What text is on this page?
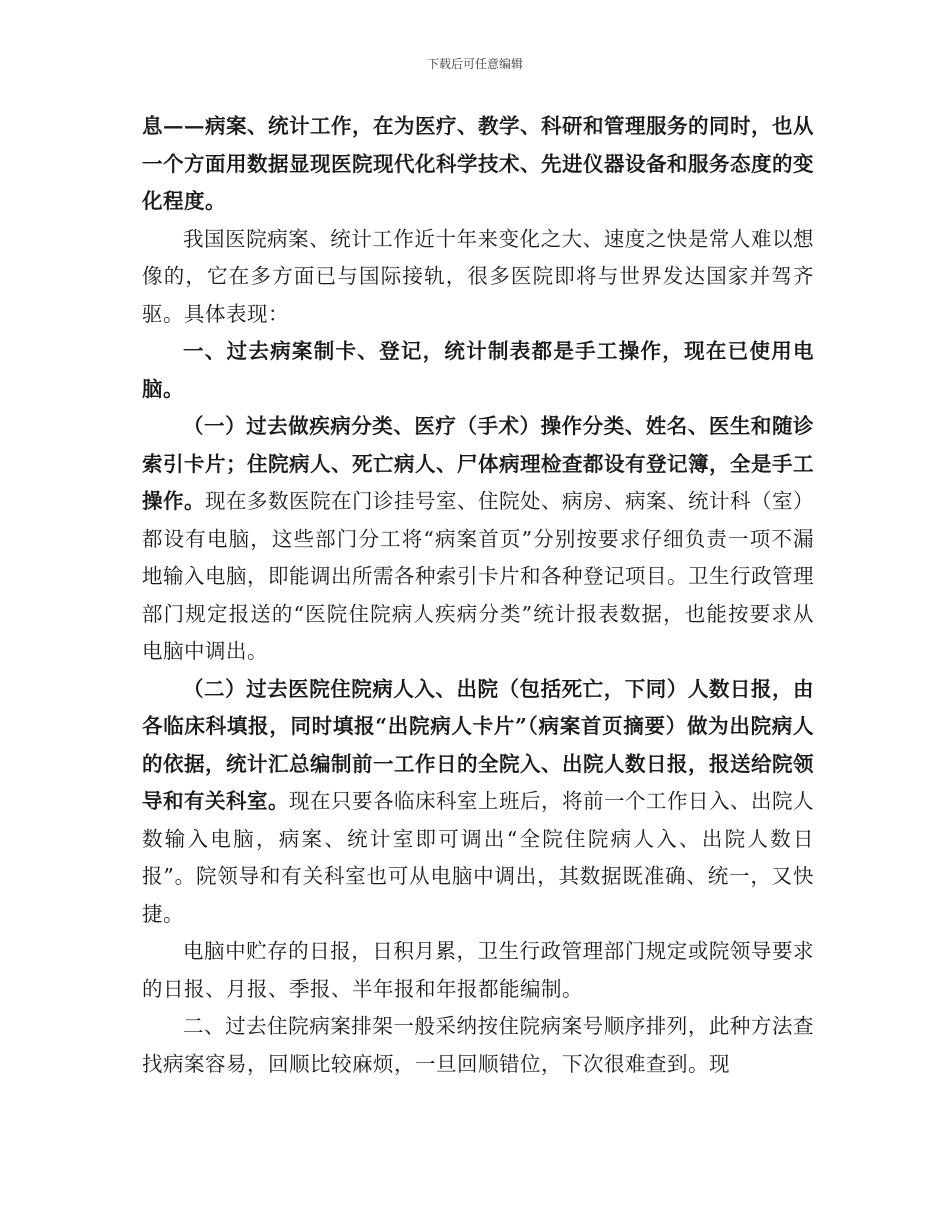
下载后可任意编辑

息——病案、统计工作，在为医疗、教学、科研和管理服务的同时，也从一个方面用数据显现医院现代化科学技术、先进仪器设备和服务态度的变化程度。

我国医院病案、统计工作近十年来变化之大、速度之快是常人难以想像的，它在多方面已与国际接轨，很多医院即将与世界发达国家并驾齐驱。具体表现：

一、过去病案制卡、登记，统计制表都是手工操作，现在已使用电脑。

（一）过去做疾病分类、医疗（手术）操作分类、姓名、医生和随诊索引卡片；住院病人、死亡病人、尸体病理检查都设有登记簿，全是手工操作。现在多数医院在门诊挂号室、住院处、病房、病案、统计科（室）都设有电脑，这些部门分工将“病案首页”分别按要求仔细负责一项不漏地输入电脑，即能调出所需各种索引卡片和各种登记项目。卫生行政管理部门规定报送的“医院住院病人疾病分类”统计报表数据，也能按要求从电脑中调出。

（二）过去医院住院病人入、出院（包括死亡，下同）人数日报，由各临床科填报，同时填报“出院病人卡片”（病案首页摘要）做为出院病人的依据，统计汇总编制前一工作日的全院入、出院人数日报，报送给院领导和有关科室。现在只要各临床科室上班后，将前一个工作日入、出院人数输入电脑，病案、统计室即可调出“全院住院病人入、出院人数日报”。院领导和有关科室也可从电脑中调出，其数据既准确、统一，又快捷。

电脑中贮存的日报，日积月累，卫生行政管理部门规定或院领导要求的日报、月报、季报、半年报和年报都能编制。

二、过去住院病案排架一般采纳按住院病案号顺序排列，此种方法查找病案容易，回顺比较麻烦，一旦回顺错位，下次很难查到。现
